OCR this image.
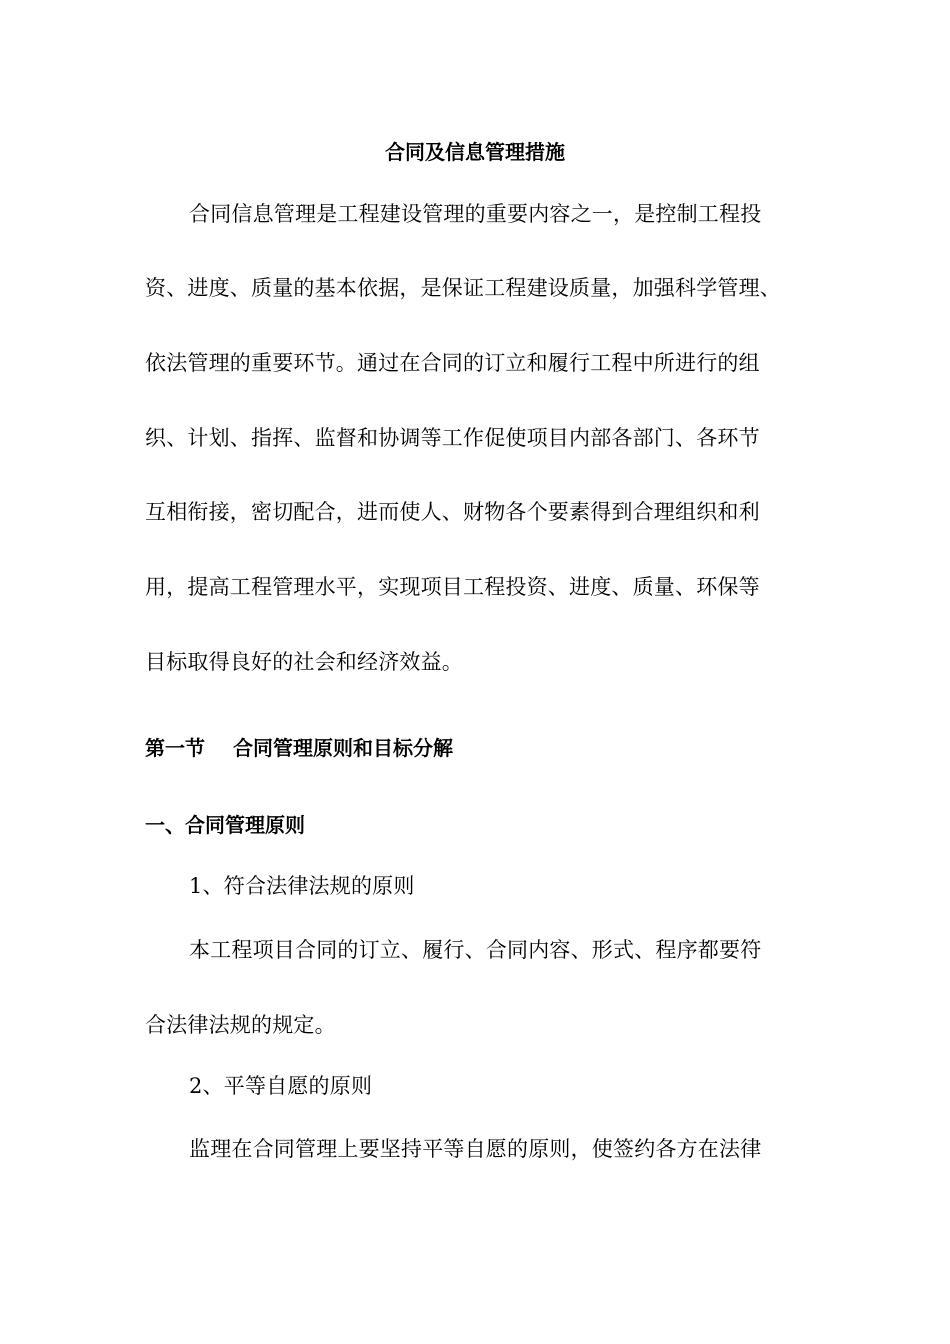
合同及信息管理措施
合同信息管理是工程建设管理的重要内容之一，是控制工程投
资、进度、质量的基本依据，是保证工程建设质量，加强科学管理、
依法管理的重要环节。通过在合同的订立和履行工程中所进行的组
织、计划、指挥、监督和协调等工作促使项目内部各部门、各环节
互相衔接，密切配合，进而使人、财物各个要素得到合理组织和利
用，提高工程管理水平，实现项目工程投资、进度、质量、环保等
目标取得良好的社会和经济效益。
第一节 合同管理原则和目标分解
一、合同管理原则
1、符合法律法规的原则
本工程项目合同的订立、履行、合同内容、形式、程序都要符
合法律法规的规定。
2、平等自愿的原则
监理在合同管理上要坚持平等自愿的原则，使签约各方在法律
